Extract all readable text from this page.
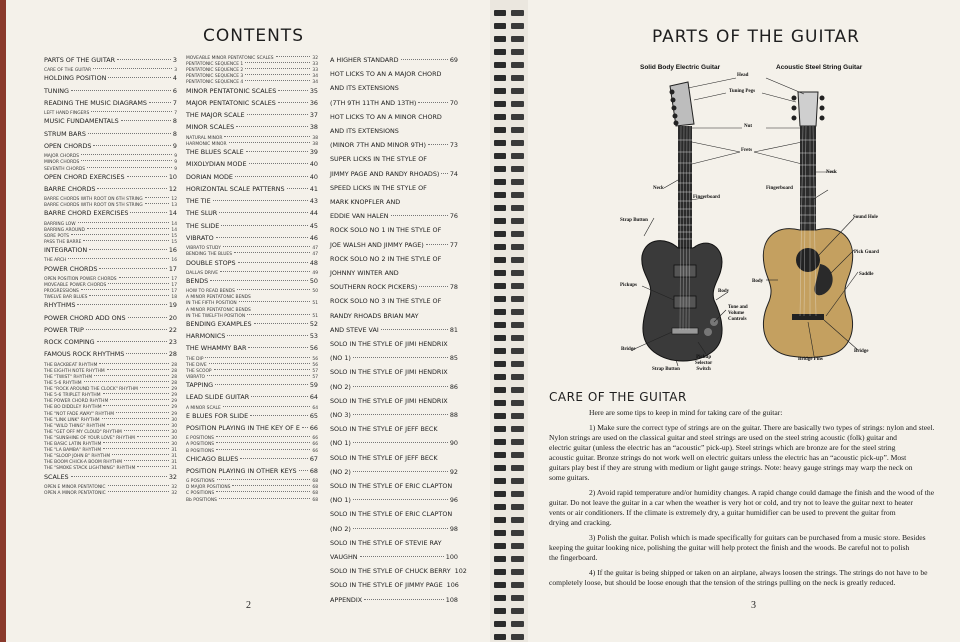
CONTENTS
PARTS OF THE GUITAR	3
CARE OF THE GUITAR	3
HOLDING POSITION	4
TUNING	6
READING THE MUSIC DIAGRAMS	7
LEFT HAND FINGERS	7
MUSIC FUNDAMENTALS	8
STRUM BARS	8
OPEN CHORDS	9
MAJOR CHORDS	9
MINOR CHORDS	9
SEVENTH CHORDS	9
OPEN CHORD EXERCISES	10
BARRE CHORDS	12
BARRE CHORDS WITH ROOT ON 6TH STRING	12
BARRE CHORDS WITH ROOT ON 5TH STRING	13
BARRE CHORD EXERCISES	14
BARRING LOW	14
BARRING AROUND	14
SORE POTS	15
PASS THE BARRE	15
INTEGRATION	16
THE ARCH	16
POWER CHORDS	17
OPEN POSITION POWER CHORDS	17
MOVEABLE POWER CHORDS	17
PROGRESSIONS	17
TWELVE BAR BLUES	18
RHYTHMS	19
POWER CHORD ADD ONS	20
POWER TRIP	22
ROCK COMPING	23
FAMOUS ROCK RHYTHMS	28
THE BACKBEAT RHYTHM	28
THE EIGHTH NOTE RHYTHM	28
THE "TWIST" RHYTHM	28
THE 5-6 RHYTHM	28
THE "ROCK AROUND THE CLOCK" RHYTHM	29
THE 5-6 TRIPLET RHYTHM	29
THE POWER CHORD RHYTHM	29
THE BO DIDDLEY RHYTHM	29
THE "NOT FADE AWAY" RHYTHM	29
THE "LINK LINK" RHYTHM	30
THE "WILD THING" RHYTHM	30
THE "GET OFF MY CLOUD" RHYTHM	30
THE "SUNSHINE OF YOUR LOVE" RHYTHM	30
THE BASIC LATIN RHYTHM	30
THE "LA BAMBA" RHYTHM	31
THE "SLOOP JOHN B" RHYTHM	31
THE BOOM CHICK-A BOOM RHYTHM	31
THE "SMOKE STACK LIGHTNING" RHYTHM	31
SCALES	32
OPEN E MINOR PENTATONIC	32
OPEN A MINOR PENTATONIC	32
MOVEABLE MINOR PENTATONIC SCALES	32
PENTATONIC SEQUENCE 1	33
PENTATONIC SEQUENCE 2	33
PENTATONIC SEQUENCE 3	34
PENTATONIC SEQUENCE 4	34
MINOR PENTATONIC SCALES	35
MAJOR PENTATONIC SCALES	36
THE MAJOR SCALE	37
MINOR SCALES	38
NATURAL MINOR	38
HARMONIC MINOR	38
THE BLUES SCALE	39
MIXOLYDIAN MODE	40
DORIAN MODE	40
HORIZONTAL SCALE PATTERNS	41
THE TIE	43
THE SLUR	44
THE SLIDE	45
VIBRATO	46
VIBRATO STUDY	47
BENDING THE BLUES	47
DOUBLE STOPS	48
DALLAS DRIVE	49
BENDS	50
HOW TO READ BENDS	50
A MINOR PENTATONIC BENDS
IN THE FIFTH POSITION	51
A MINOR PENTATONIC BENDS
IN THE TWELFTH POSITION	51
BENDING EXAMPLES	52
HARMONICS	53
THE WHAMMY BAR	56
THE DIP	56
THE DIVE	56
THE SCOOP	57
VIBRATO	57
TAPPING	59
LEAD SLIDE GUITAR	64
A MINOR SCALE	64
E BLUES FOR SLIDE	65
POSITION PLAYING IN THE KEY OF E 66
E POSITIONS	66
A POSITIONS	66
B POSITIONS	66
CHICAGO BLUES	67
POSITION PLAYING IN OTHER KEYS 68
G POSITIONS	68
D MAJOR POSITIONS	68
C POSITIONS	68
Bb POSITIONS	68
A HIGHER STANDARD	69
HOT LICKS TO AN A MAJOR CHORD
AND ITS EXTENSIONS
(7TH 9TH 11TH AND 13TH)	70
HOT LICKS TO AN A MINOR CHORD
AND ITS EXTENSIONS
(MINOR 7TH AND MINOR 9TH)	73
SUPER LICKS IN THE STYLE OF
JIMMY PAGE AND RANDY RHOADS) 74
SPEED LICKS IN THE STYLE OF
MARK KNOPFLER AND
EDDIE VAN HALEN	76
ROCK SOLO NO 1 IN THE STYLE OF
JOE WALSH AND JIMMY PAGE)	77
ROCK SOLO NO 2 IN THE STYLE OF
JOHNNY WINTER AND
SOUTHERN ROCK PICKERS)	78
ROCK SOLO NO 3 IN THE STYLE OF
RANDY RHOADS BRIAN MAY
AND STEVE VAI	81
SOLO IN THE STYLE OF JIMI HENDRIX
(NO 1)	85
SOLO IN THE STYLE OF JIMI HENDRIX
(NO 2)	86
SOLO IN THE STYLE OF JIMI HENDRIX
(NO 3)	88
SOLO IN THE STYLE OF JEFF BECK
(NO 1)	90
SOLO IN THE STYLE OF JEFF BECK
(NO 2)	92
SOLO IN THE STYLE OF ERIC CLAPTON
(NO 1)	96
SOLO IN THE STYLE OF ERIC CLAPTON
(NO 2)	98
SOLO IN THE STYLE OF STEVIE RAY
VAUGHN	100
SOLO IN THE STYLE OF CHUCK BERRY 102
SOLO IN THE STYLE OF JIMMY PAGE 106
APPENDIX	108
2
PARTS OF THE GUITAR
Solid Body Electric Guitar	Acoustic Steel String Guitar
Head
Tuning Pegs
Nut
Frets
Neck
Fingerboard
Fingerboard
Neck
Strap Button
Sound Hole
Pick Guard
Saddle
Pickups
Body
Body
Tone and
Volume
Controls
Bridge	Bridge
Bridge Pins
Pickup
Selector
Switch
Strap Button
CARE OF THE GUITAR

Here are some tips to keep in mind for taking care of the guitar:

1) Make sure the correct type of strings are on the guitar. There are basically two types of strings: nylon and steel.
Nylon strings are used on the classical guitar and steel strings are used on the steel string acoustic (folk) guitar and
electric guitar (unless the electric has an “acoustic” pick-up). Steel strings which are bronze are for the steel string
acoustic guitar. Bronze strings do not work well on electric guitars unless the electric has an “acoustic pick-up”. Most
guitars play best if they are strung with medium or light gauge strings. Note: heavy gauge strings may warp the neck on
some guitars.

2) Avoid rapid temperature and/or humidity changes. A rapid change could damage the finish and the wood of the
guitar. Do not leave the guitar in a car when the weather is very hot or cold, and try not to leave the guitar next to heater
vents or air conditioners. If the climate is extremely dry, a guitar humidifier can be used to prevent the guitar from
drying and cracking.

3) Polish the guitar. Polish which is made specifically for guitars can be purchased from a music store. Besides
keeping the guitar looking nice, polishing the guitar will help protect the finish and the woods. Be careful not to polish
the fingerboard.

4) If the guitar is being shipped or taken on an airplane, always loosen the strings. The strings do not have to be
completely loose, but should be loose enough that the tension of the strings pulling on the neck is greatly reduced.

3
